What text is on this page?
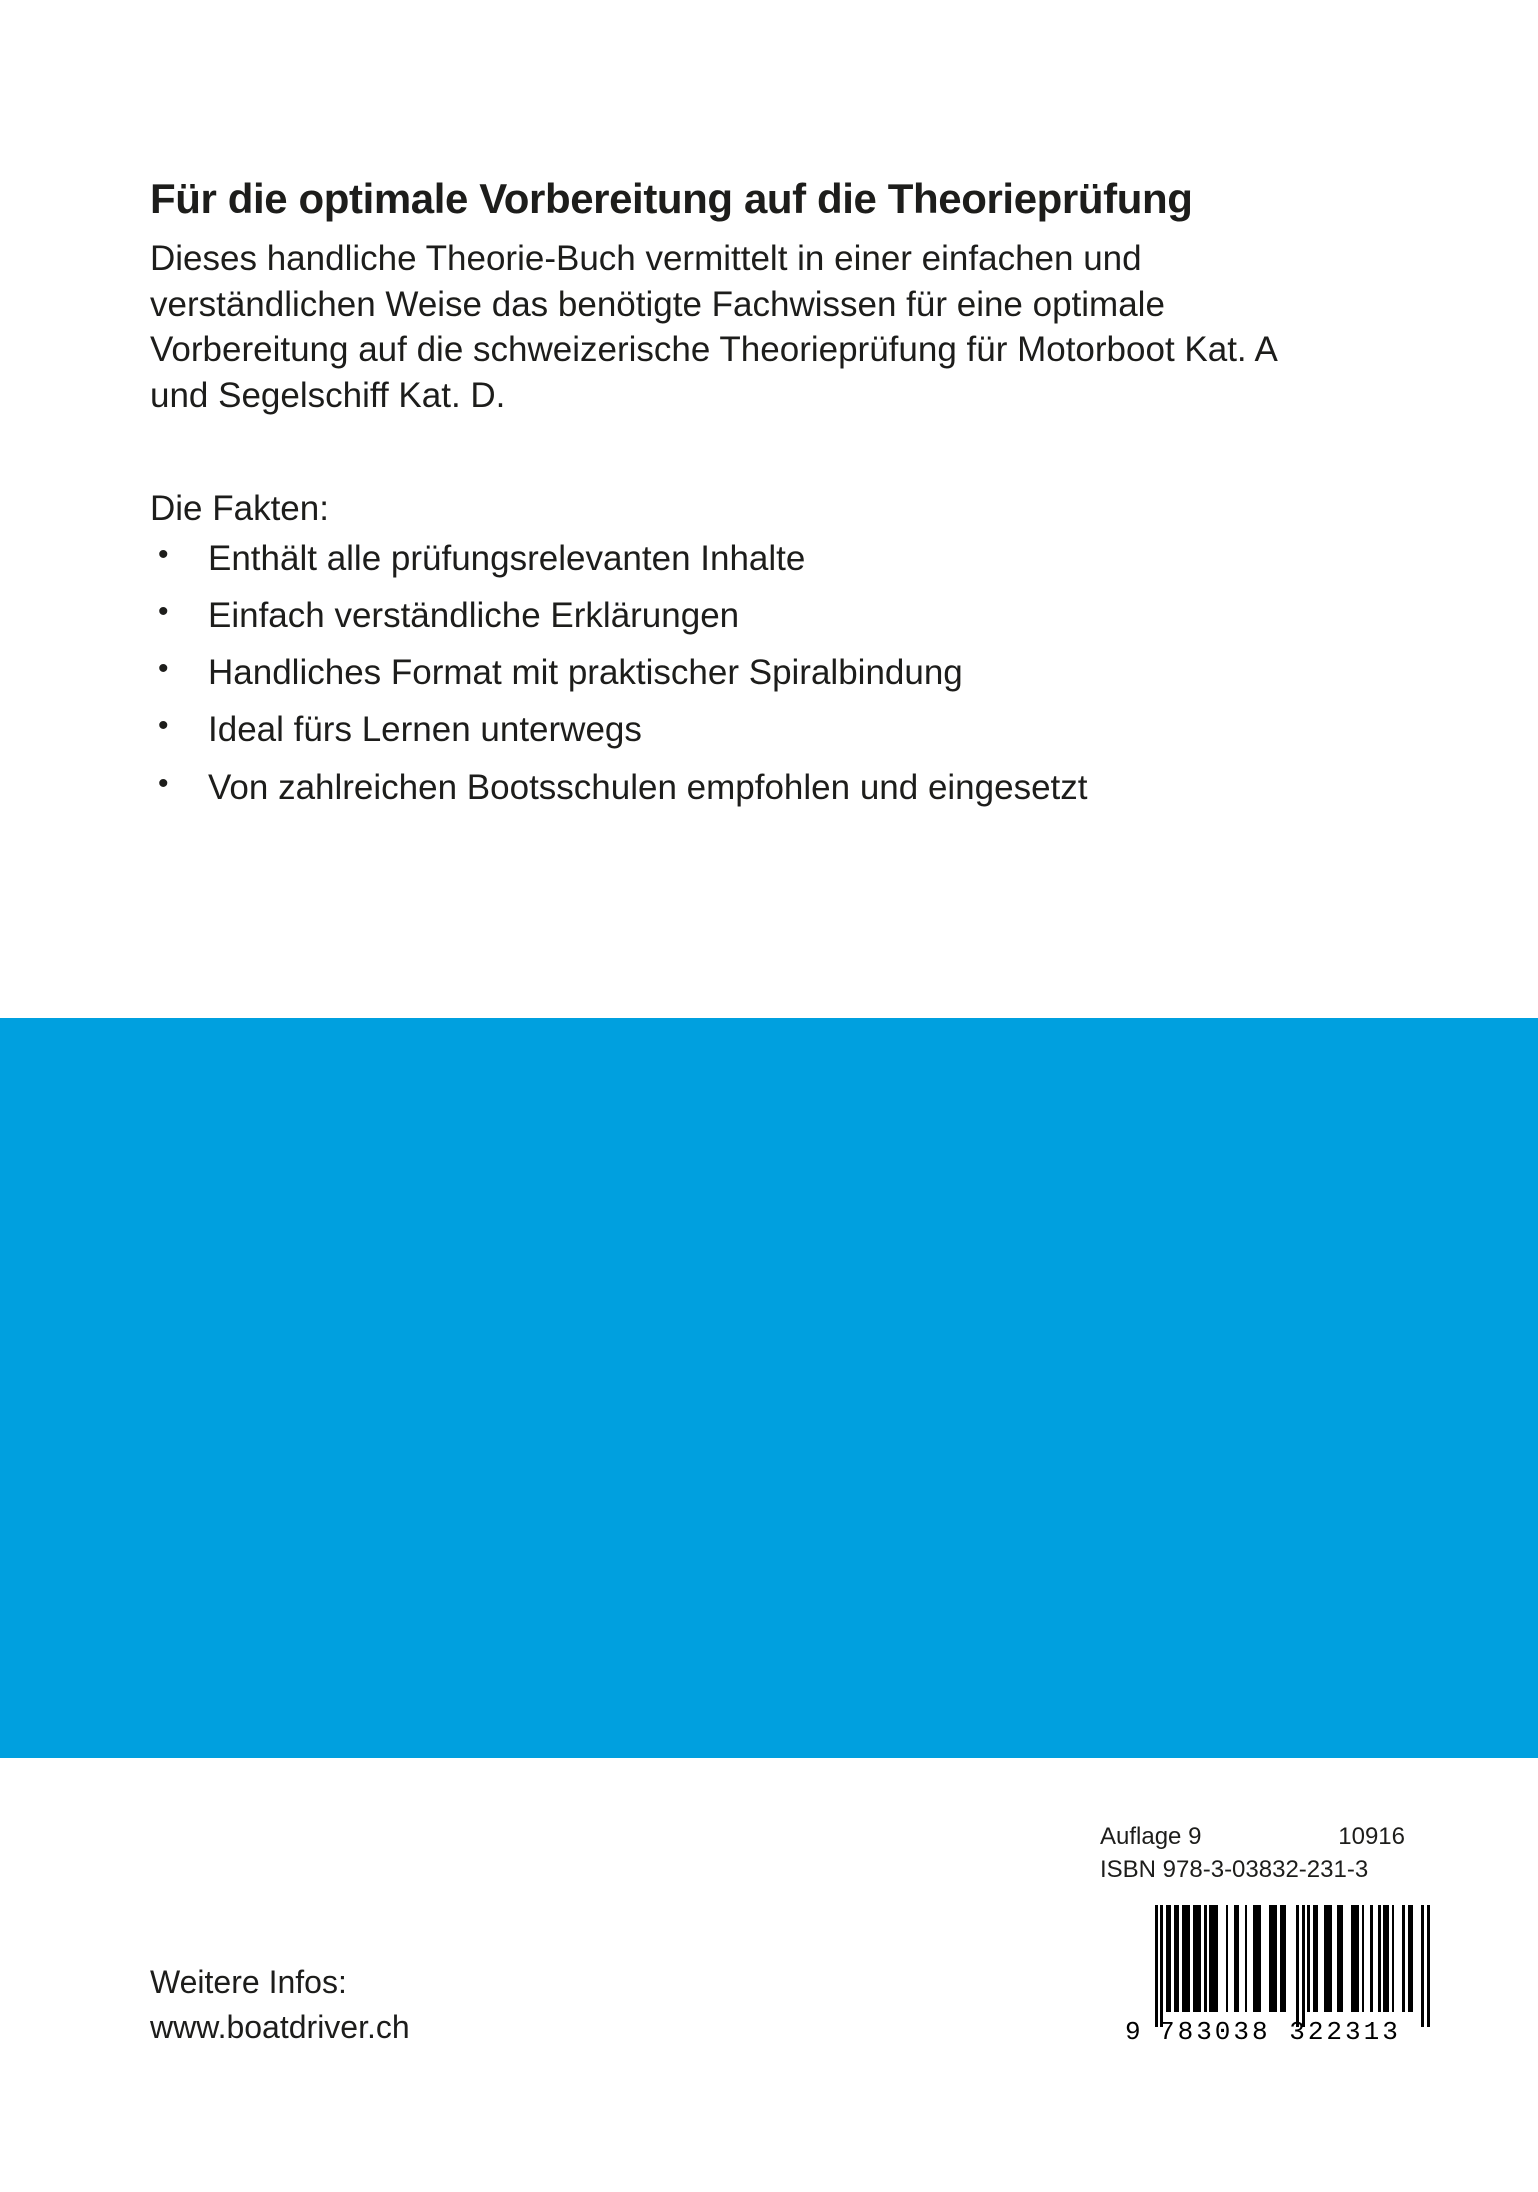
Für die optimale Vorbereitung auf die Theorieprüfung

Dieses handliche Theorie-Buch vermittelt in einer einfachen und verständlichen Weise das benötigte Fachwissen für eine optimale Vorbereitung auf die schweizerische Theorieprüfung für Motorboot Kat. A und Segelschiff Kat. D.

Die Fakten:

• Enthält alle prüfungsrelevanten Inhalte
• Einfach verständliche Erklärungen
• Handliches Format mit praktischer Spiralbindung
• Ideal fürs Lernen unterwegs
• Von zahlreichen Bootsschulen empfohlen und eingesetzt
Auflage 9	10916
ISBN 978-3-03832-231-3
9 783038 322313
Weitere Infos:
www.boatdriver.ch
